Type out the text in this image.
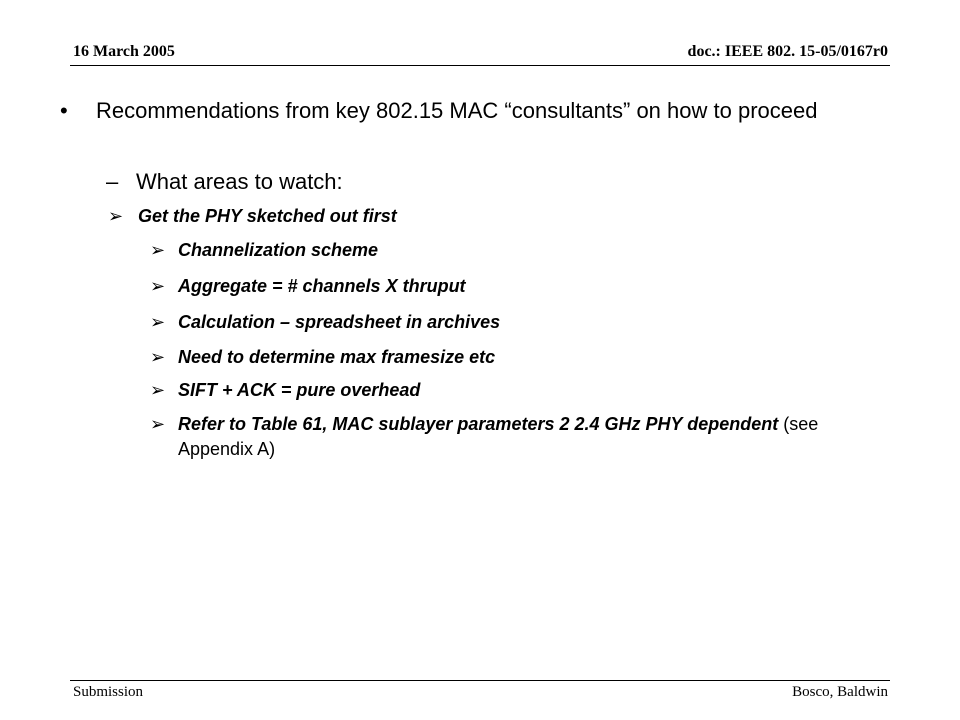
16 March 2005	doc.: IEEE 802. 15-05/0167r0
• Recommendations from key 802.15 MAC “consultants” on how to proceed
– What areas to watch:
➢ Get the PHY sketched out first
➢ Channelization scheme
➢ Aggregate = # channels X thruput
➢ Calculation – spreadsheet in archives
➢ Need to determine max framesize etc
➢ SIFT + ACK = pure overhead
➢ Refer to Table 61, MAC sublayer parameters 2 2.4 GHz PHY dependent (see Appendix A)
Submission	Bosco, Baldwin
